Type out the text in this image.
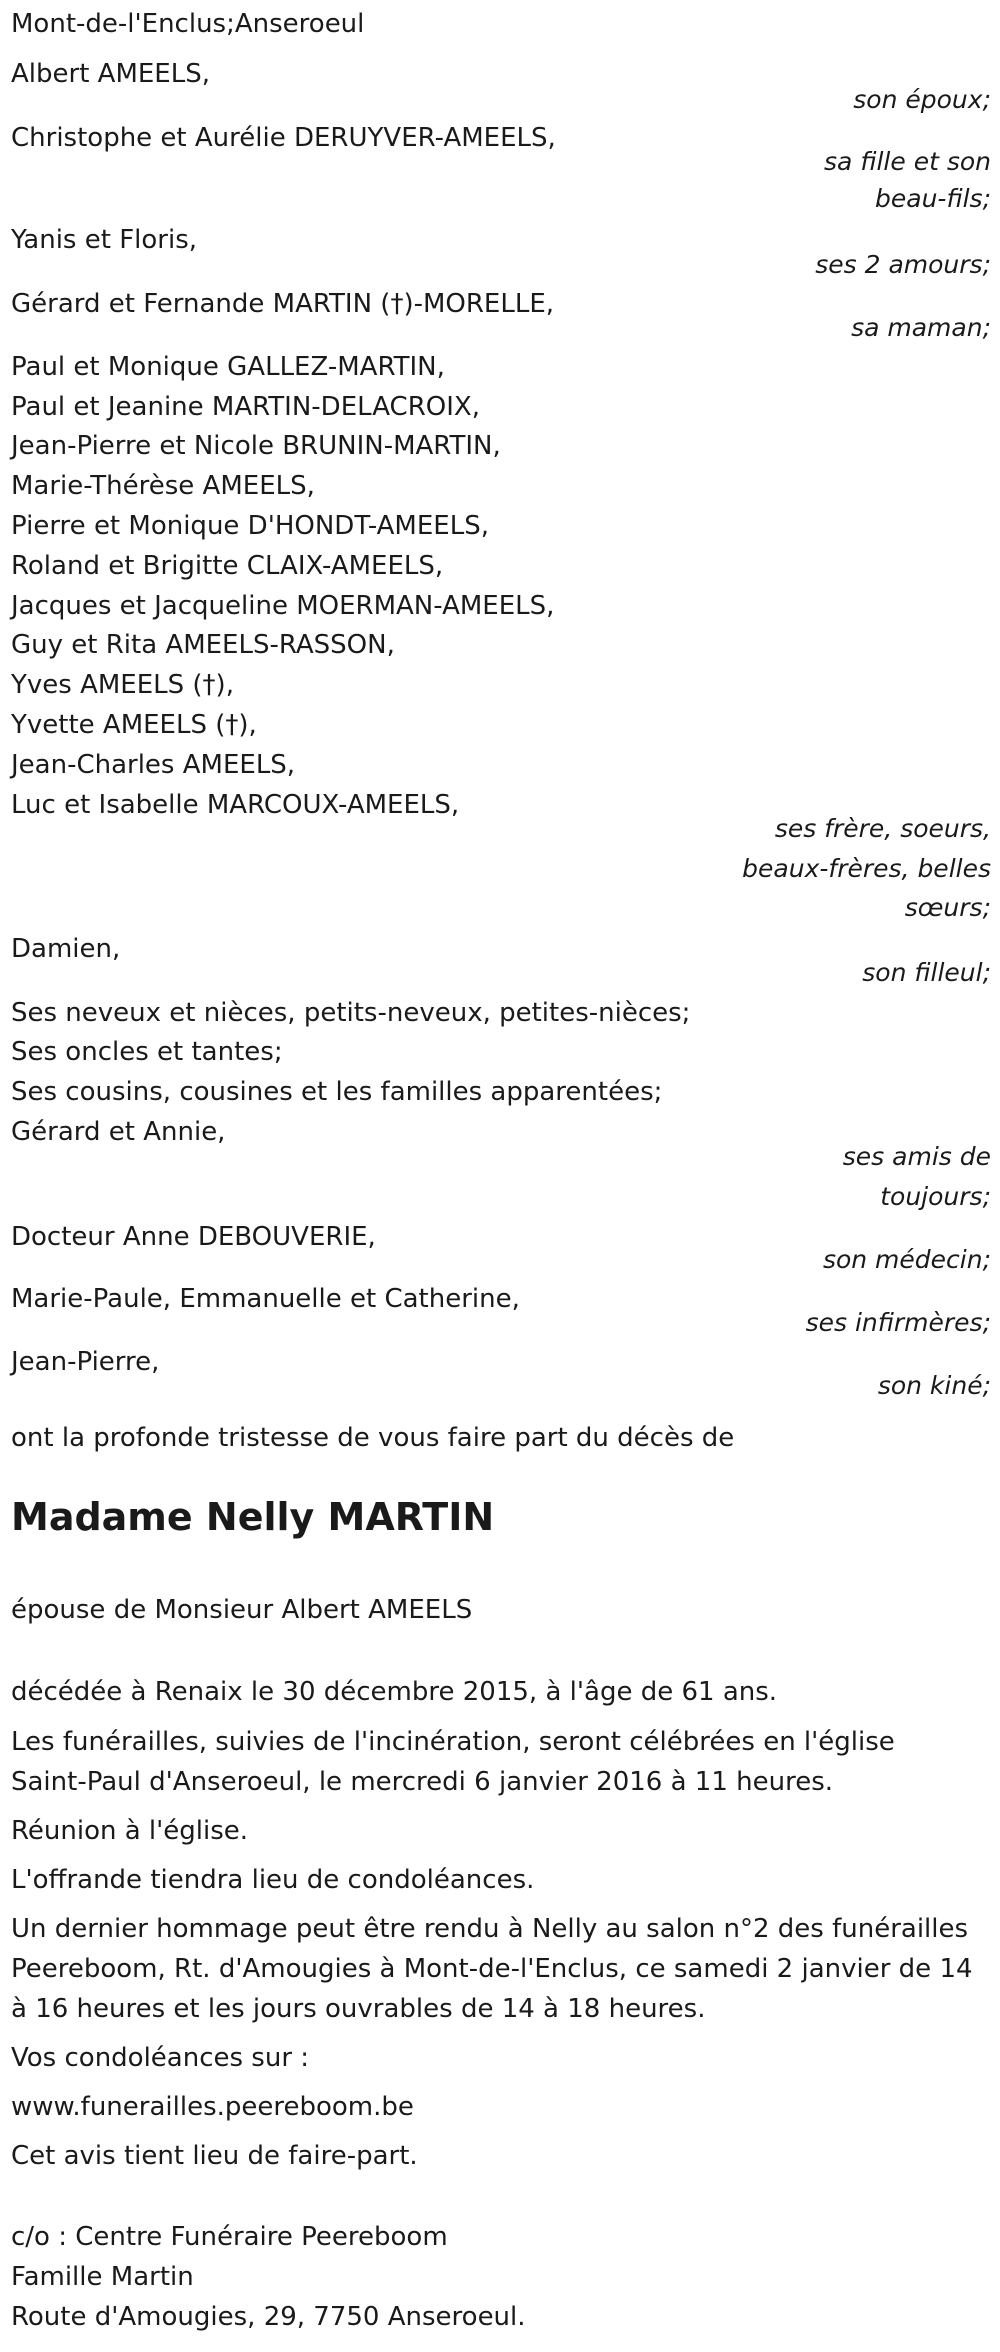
Mont-de-l'Enclus;Anseroeul
Albert AMEELS,
son époux;
Christophe et Aurélie DERUYVER-AMEELS,
sa fille et son
beau-fils;
Yanis et Floris,
ses 2 amours;
Gérard et Fernande MARTIN (†)-MORELLE,
sa maman;
Paul et Monique GALLEZ-MARTIN,
Paul et Jeanine MARTIN-DELACROIX,
Jean-Pierre et Nicole BRUNIN-MARTIN,
Marie-Thérèse AMEELS,
Pierre et Monique D'HONDT-AMEELS,
Roland et Brigitte CLAIX-AMEELS,
Jacques et Jacqueline MOERMAN-AMEELS,
Guy et Rita AMEELS-RASSON,
Yves AMEELS (†),
Yvette AMEELS (†),
Jean-Charles AMEELS,
Luc et Isabelle MARCOUX-AMEELS,
ses frère, soeurs,
beaux-frères, belles
sœurs;
Damien,
son filleul;
Ses neveux et nièces, petits-neveux, petites-nièces;
Ses oncles et tantes;
Ses cousins, cousines et les familles apparentées;
Gérard et Annie,
ses amis de
toujours;
Docteur Anne DEBOUVERIE,
son médecin;
Marie-Paule, Emmanuelle et Catherine,
ses infirmères;
Jean-Pierre,
son kiné;
ont la profonde tristesse de vous faire part du décès de
Madame Nelly MARTIN
épouse de Monsieur Albert AMEELS
décédée à Renaix le 30 décembre 2015, à l'âge de 61 ans.
Les funérailles, suivies de l'incinération, seront célébrées en l'église
Saint-Paul d'Anseroeul, le mercredi 6 janvier 2016 à 11 heures.
Réunion à l'église.
L'offrande tiendra lieu de condoléances.
Un dernier hommage peut être rendu à Nelly au salon n°2 des funérailles
Peereboom, Rt. d'Amougies à Mont-de-l'Enclus, ce samedi 2 janvier de 14
à 16 heures et les jours ouvrables de 14 à 18 heures.
Vos condoléances sur :
www.funerailles.peereboom.be
Cet avis tient lieu de faire-part.
c/o : Centre Funéraire Peereboom
Famille Martin
Route d'Amougies, 29, 7750 Anseroeul.
